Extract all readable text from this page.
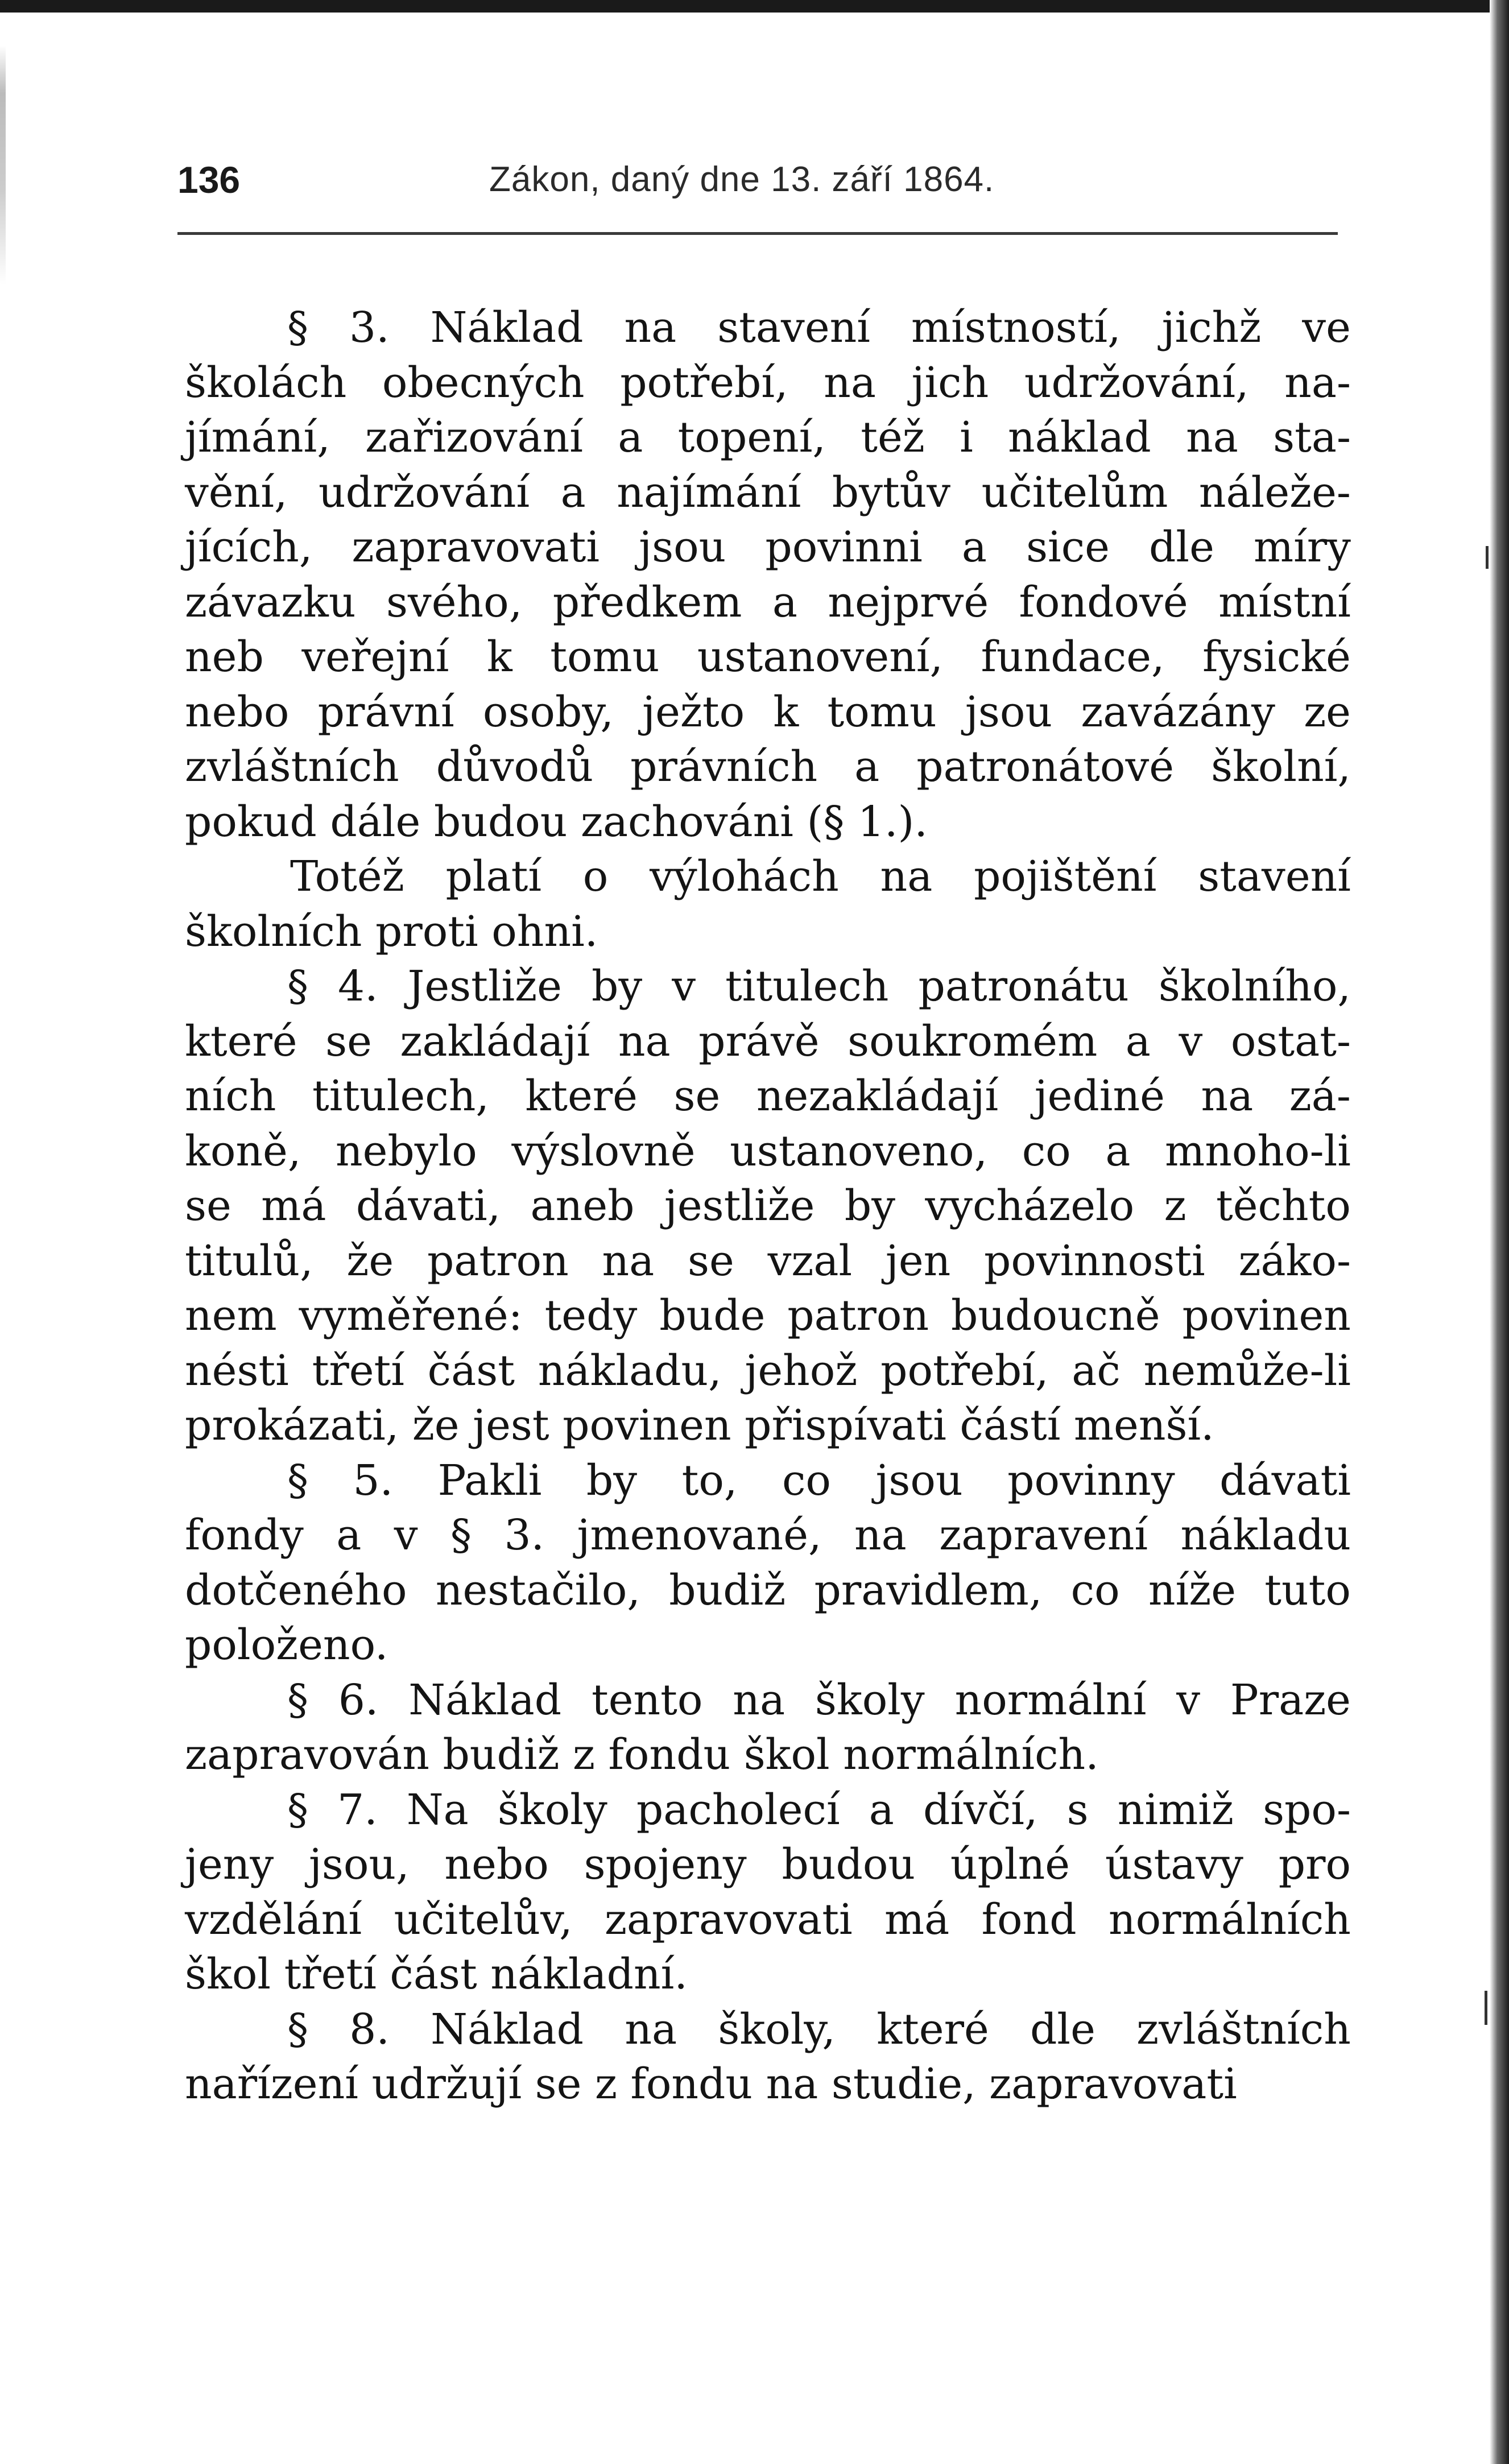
136	Zákon, daný dne 13. září 1864.
§ 3. Náklad na stavení místností, jichž ve
školách obecných potřebí, na jich udržování, na-
jímání, zařizování a topení, též i náklad na sta-
vění, udržování a najímání bytův učitelům náleže-
jících, zapravovati jsou povinni a sice dle míry
závazku svého, předkem a nejprvé fondové místní
neb veřejní k tomu ustanovení, fundace, fysické
nebo právní osoby, ježto k tomu jsou zavázány ze
zvláštních důvodů právních a patronátové školní,
pokud dále budou zachováni (§ 1.).
Totéž platí o výlohách na pojištění stavení
školních proti ohni.
§ 4. Jestliže by v titulech patronátu školního,
které se zakládají na právě soukromém a v ostat-
ních titulech, které se nezakládají jediné na zá-
koně, nebylo výslovně ustanoveno, co a mnoho-li
se má dávati, aneb jestliže by vycházelo z těchto
titulů, že patron na se vzal jen povinnosti záko-
nem vyměřené: tedy bude patron budoucně povinen
nésti třetí část nákladu, jehož potřebí, ač nemůže-li
prokázati, že jest povinen přispívati částí menší.
§ 5. Pakli by to, co jsou povinny dávati
fondy a v § 3. jmenované, na zapravení nákladu
dotčeného nestačilo, budiž pravidlem, co níže tuto
položeno.
§ 6. Náklad tento na školy normální v Praze
zapravován budiž z fondu škol normálních.
§ 7. Na školy pacholecí a dívčí, s nimiž spo-
jeny jsou, nebo spojeny budou úplné ústavy pro
vzdělání učitelův, zapravovati má fond normálních
škol třetí část nákladní.
§ 8. Náklad na školy, které dle zvláštních
nařízení udržují se z fondu na studie, zapravovati
